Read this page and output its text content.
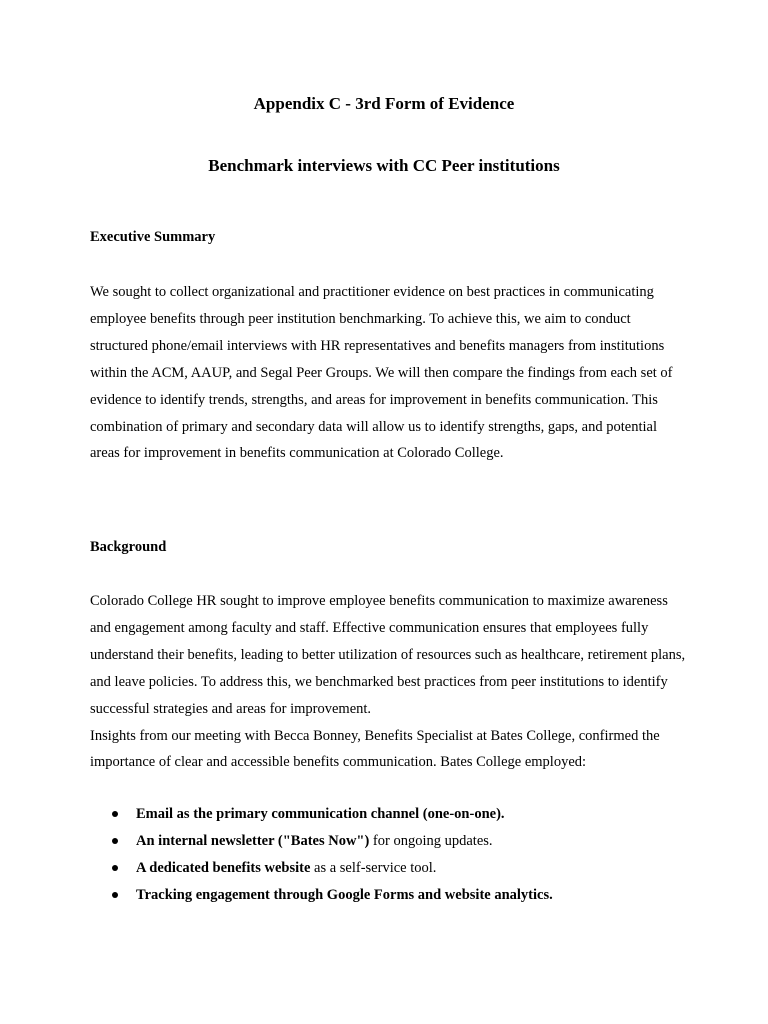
Appendix C - 3rd Form of Evidence
Benchmark interviews with CC Peer institutions
Executive Summary
We sought to collect organizational and practitioner evidence on best practices in communicating employee benefits through peer institution benchmarking. To achieve this, we aim to conduct structured phone/email interviews with HR representatives and benefits managers from institutions within the ACM, AAUP, and Segal Peer Groups. We will then compare the findings from each set of evidence to identify trends, strengths, and areas for improvement in benefits communication. This combination of primary and secondary data will allow us to identify strengths, gaps, and potential areas for improvement in benefits communication at Colorado College.
Background

Colorado College HR sought to improve employee benefits communication to maximize awareness and engagement among faculty and staff. Effective communication ensures that employees fully understand their benefits, leading to better utilization of resources such as healthcare, retirement plans, and leave policies. To address this, we benchmarked best practices from peer institutions to identify successful strategies and areas for improvement.

Insights from our meeting with Becca Bonney, Benefits Specialist at Bates College, confirmed the importance of clear and accessible benefits communication. Bates College employed:

Email as the primary communication channel (one-on-one).
An internal newsletter ("Bates Now") for ongoing updates.
A dedicated benefits website as a self-service tool.
Tracking engagement through Google Forms and website analytics.
